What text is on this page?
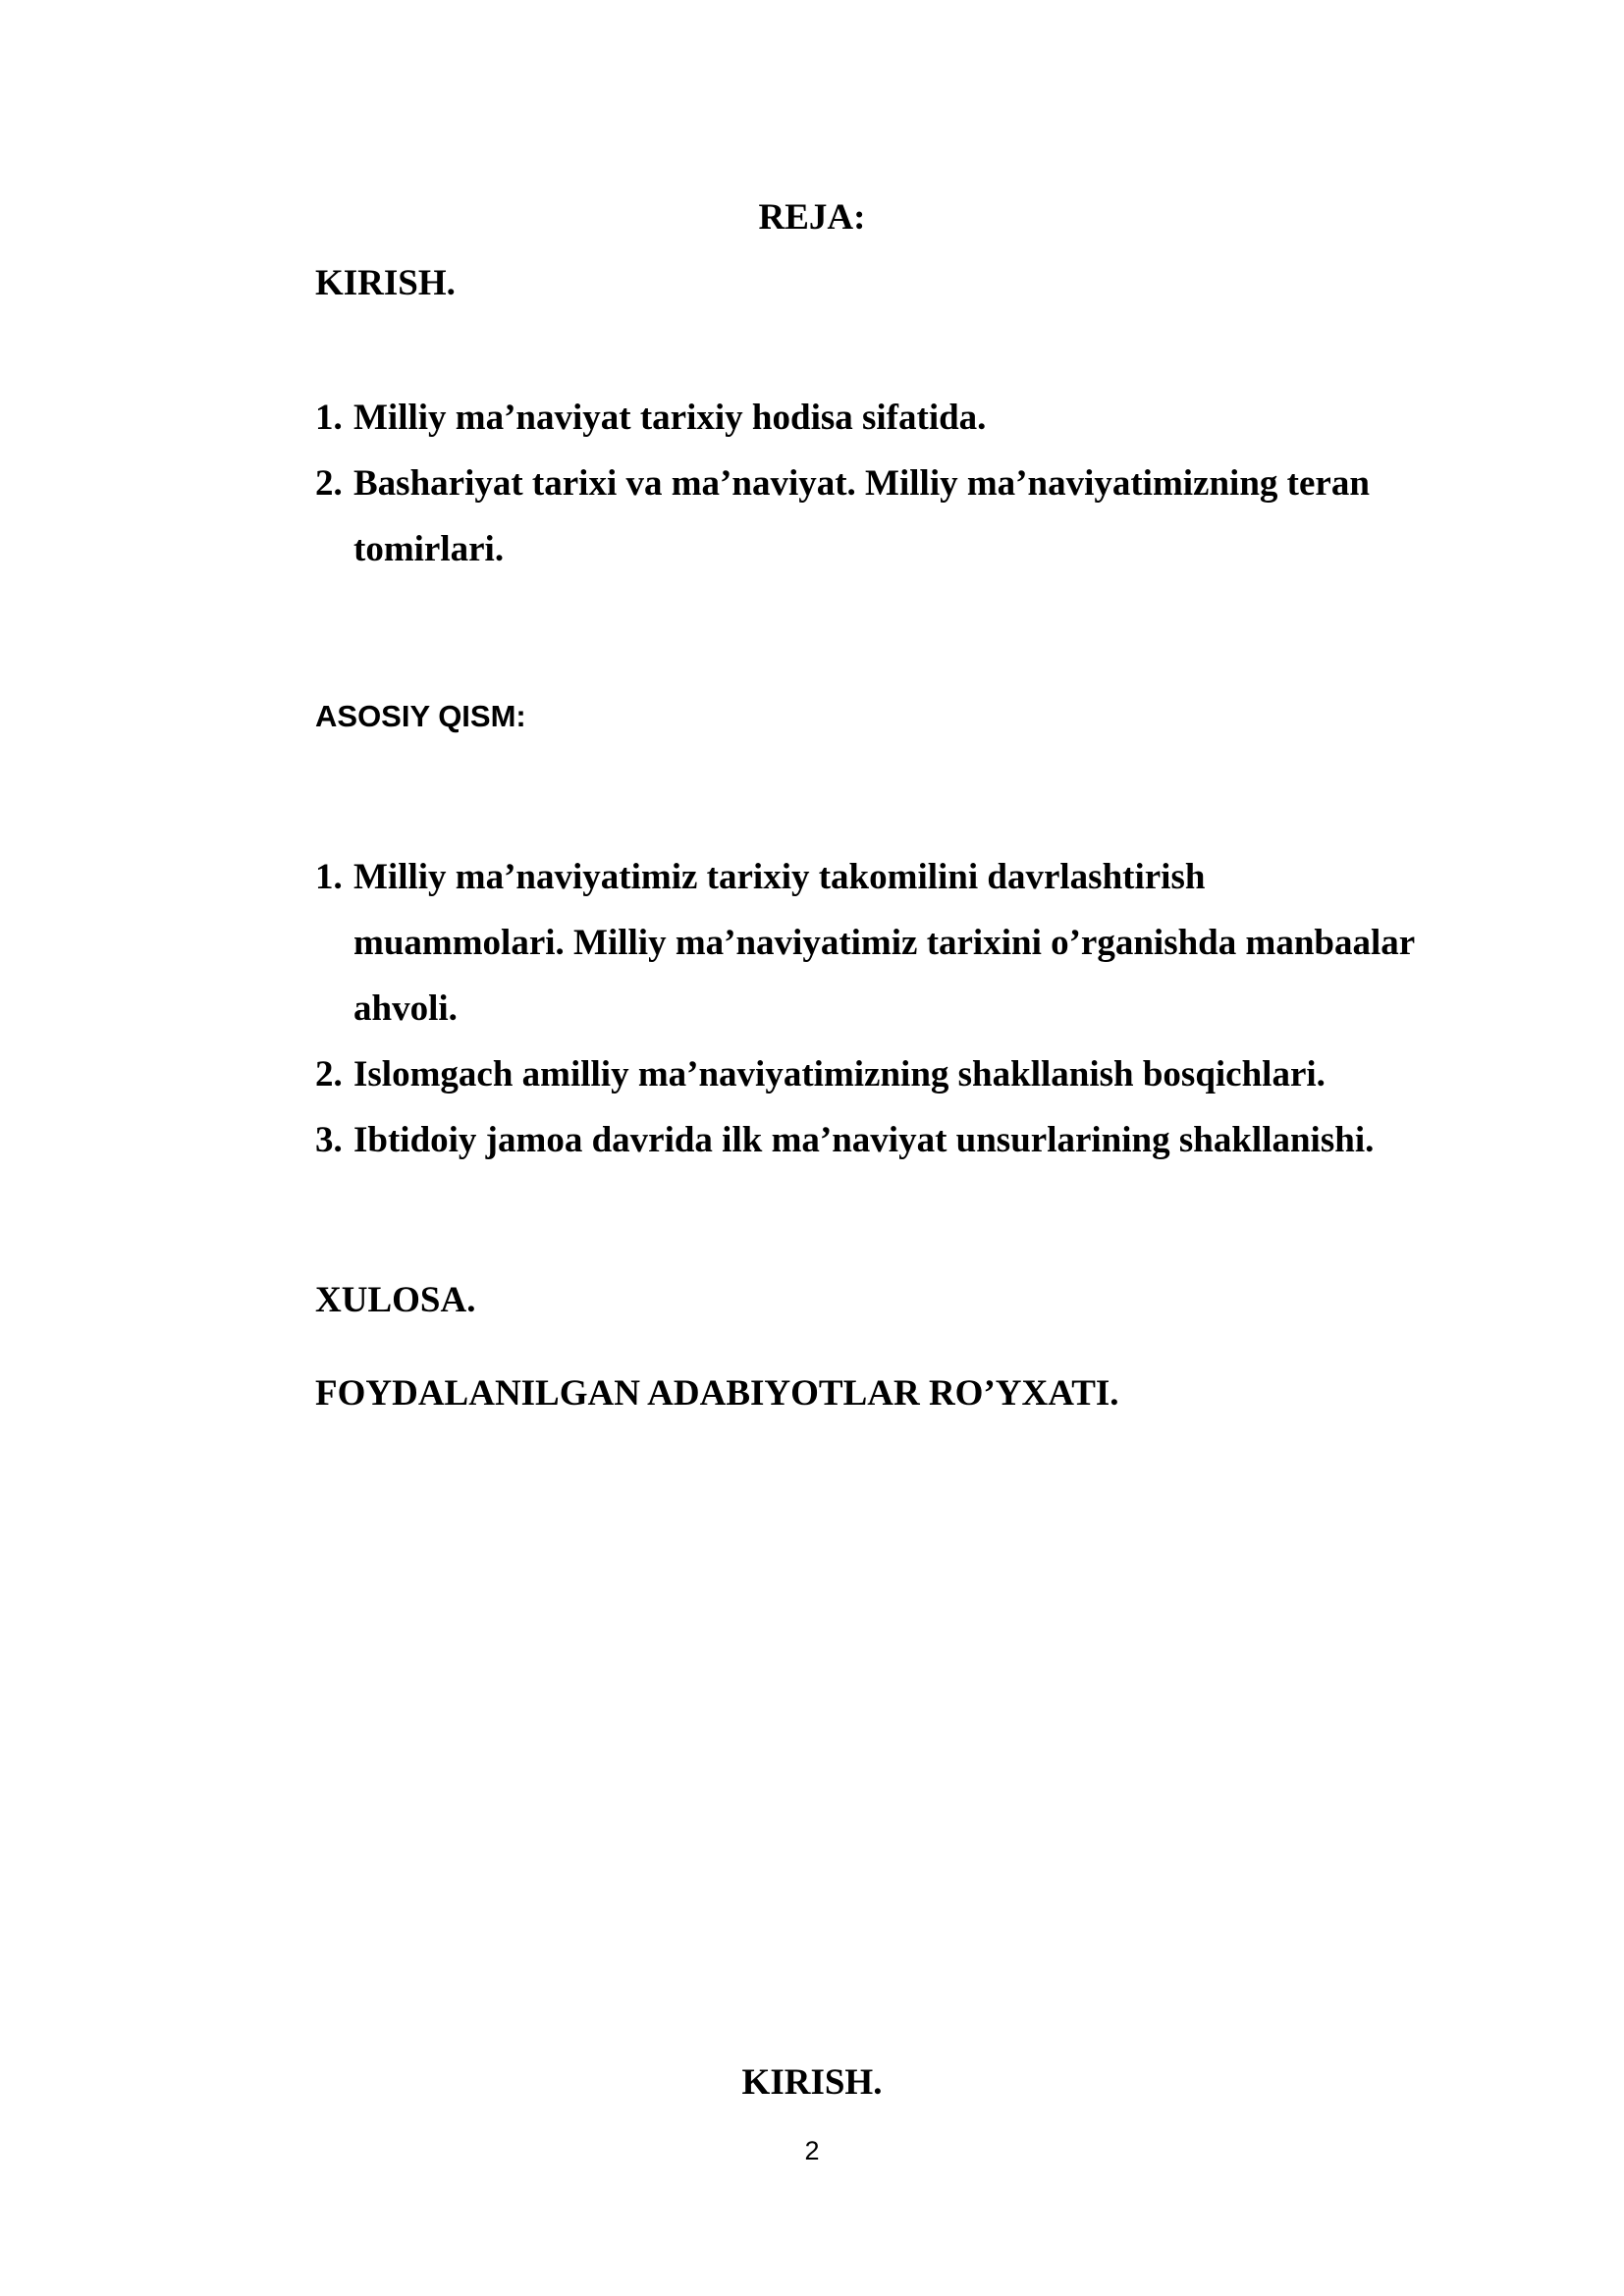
REJA:
KIRISH.
1. Milliy ma’naviyat tarixiy hodisa sifatida.
2. Bashariyat tarixi va ma’naviyat. Milliy ma’naviyatimizning teran
tomirlari.
ASOSIY QISM:
1. Milliy ma’naviyatimiz tarixiy takomilini davrlashtirish
muammolari. Milliy ma’naviyatimiz tarixini o’rganishda manbaalar
ahvoli.
2. Islomgach amilliy ma’naviyatimizning shakllanish bosqichlari.
3. Ibtidoiy jamoa davrida ilk ma’naviyat unsurlarining shakllanishi.
XULOSA.
FOYDALANILGAN ADABIYOTLAR RO’YXATI.
KIRISH.
2
